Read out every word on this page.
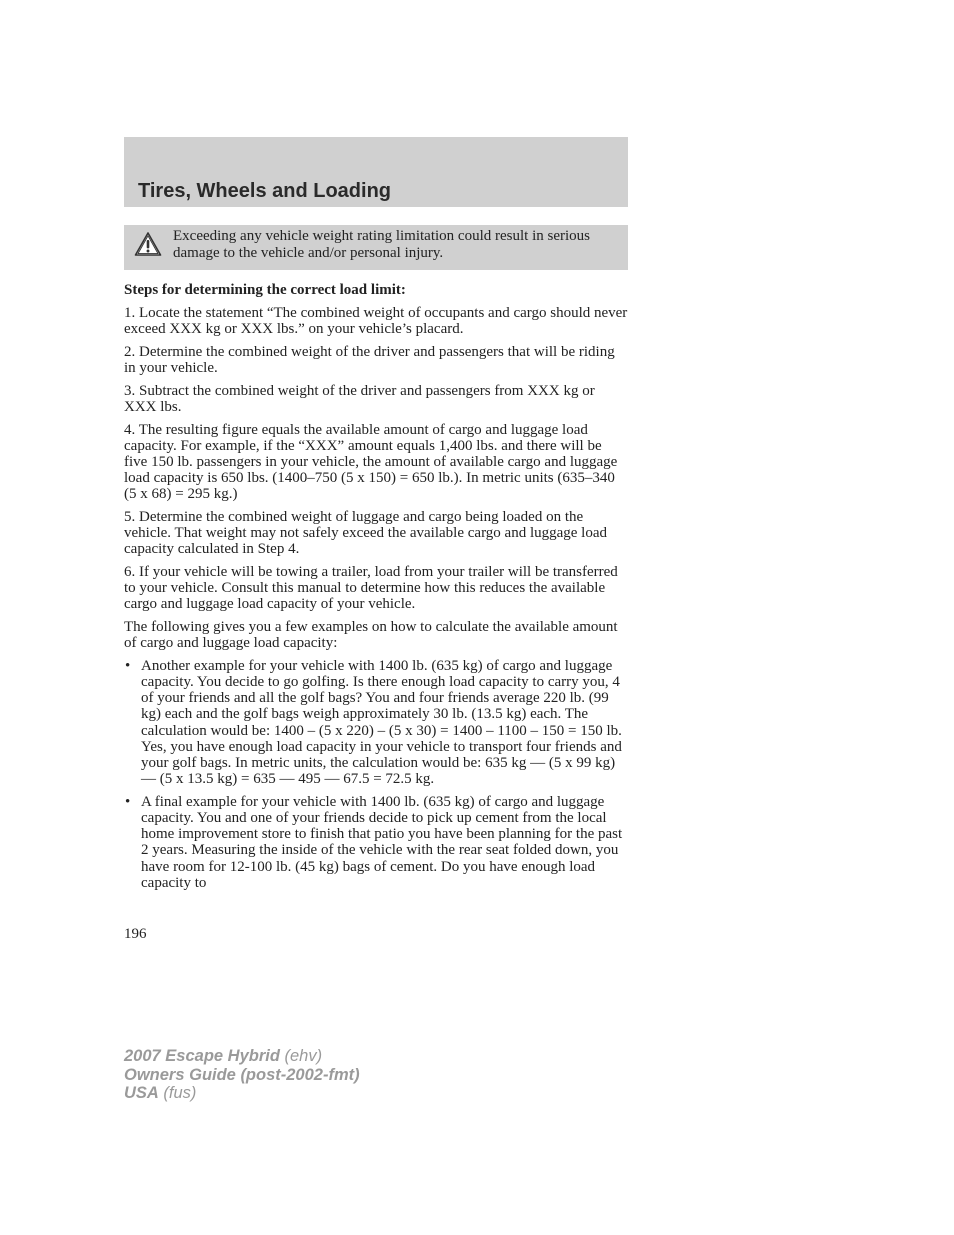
Tires, Wheels and Loading

Exceeding any vehicle weight rating limitation could result in serious damage to the vehicle and/or personal injury.

Steps for determining the correct load limit:

1. Locate the statement “The combined weight of occupants and cargo should never exceed XXX kg or XXX lbs.” on your vehicle’s placard.

2. Determine the combined weight of the driver and passengers that will be riding in your vehicle.

3. Subtract the combined weight of the driver and passengers from XXX kg or XXX lbs.

4. The resulting figure equals the available amount of cargo and luggage load capacity. For example, if the “XXX” amount equals 1,400 lbs. and there will be five 150 lb. passengers in your vehicle, the amount of available cargo and luggage load capacity is 650 lbs. (1400–750 (5 x 150) = 650 lb.). In metric units (635–340 (5 x 68) = 295 kg.)

5. Determine the combined weight of luggage and cargo being loaded on the vehicle. That weight may not safely exceed the available cargo and luggage load capacity calculated in Step 4.

6. If your vehicle will be towing a trailer, load from your trailer will be transferred to your vehicle. Consult this manual to determine how this reduces the available cargo and luggage load capacity of your vehicle.

The following gives you a few examples on how to calculate the available amount of cargo and luggage load capacity:

• Another example for your vehicle with 1400 lb. (635 kg) of cargo and luggage capacity. You decide to go golfing. Is there enough load capacity to carry you, 4 of your friends and all the golf bags? You and four friends average 220 lb. (99 kg) each and the golf bags weigh approximately 30 lb. (13.5 kg) each. The calculation would be: 1400 – (5 x 220) – (5 x 30) = 1400 – 1100 – 150 = 150 lb. Yes, you have enough load capacity in your vehicle to transport four friends and your golf bags. In metric units, the calculation would be: 635 kg — (5 x 99 kg) — (5 x 13.5 kg) = 635 — 495 — 67.5 = 72.5 kg.
• A final example for your vehicle with 1400 lb. (635 kg) of cargo and luggage capacity. You and one of your friends decide to pick up cement from the local home improvement store to finish that patio you have been planning for the past 2 years. Measuring the inside of the vehicle with the rear seat folded down, you have room for 12-100 lb. (45 kg) bags of cement. Do you have enough load capacity to

196

2007 Escape Hybrid (ehv)
Owners Guide (post-2002-fmt)
USA (fus)
